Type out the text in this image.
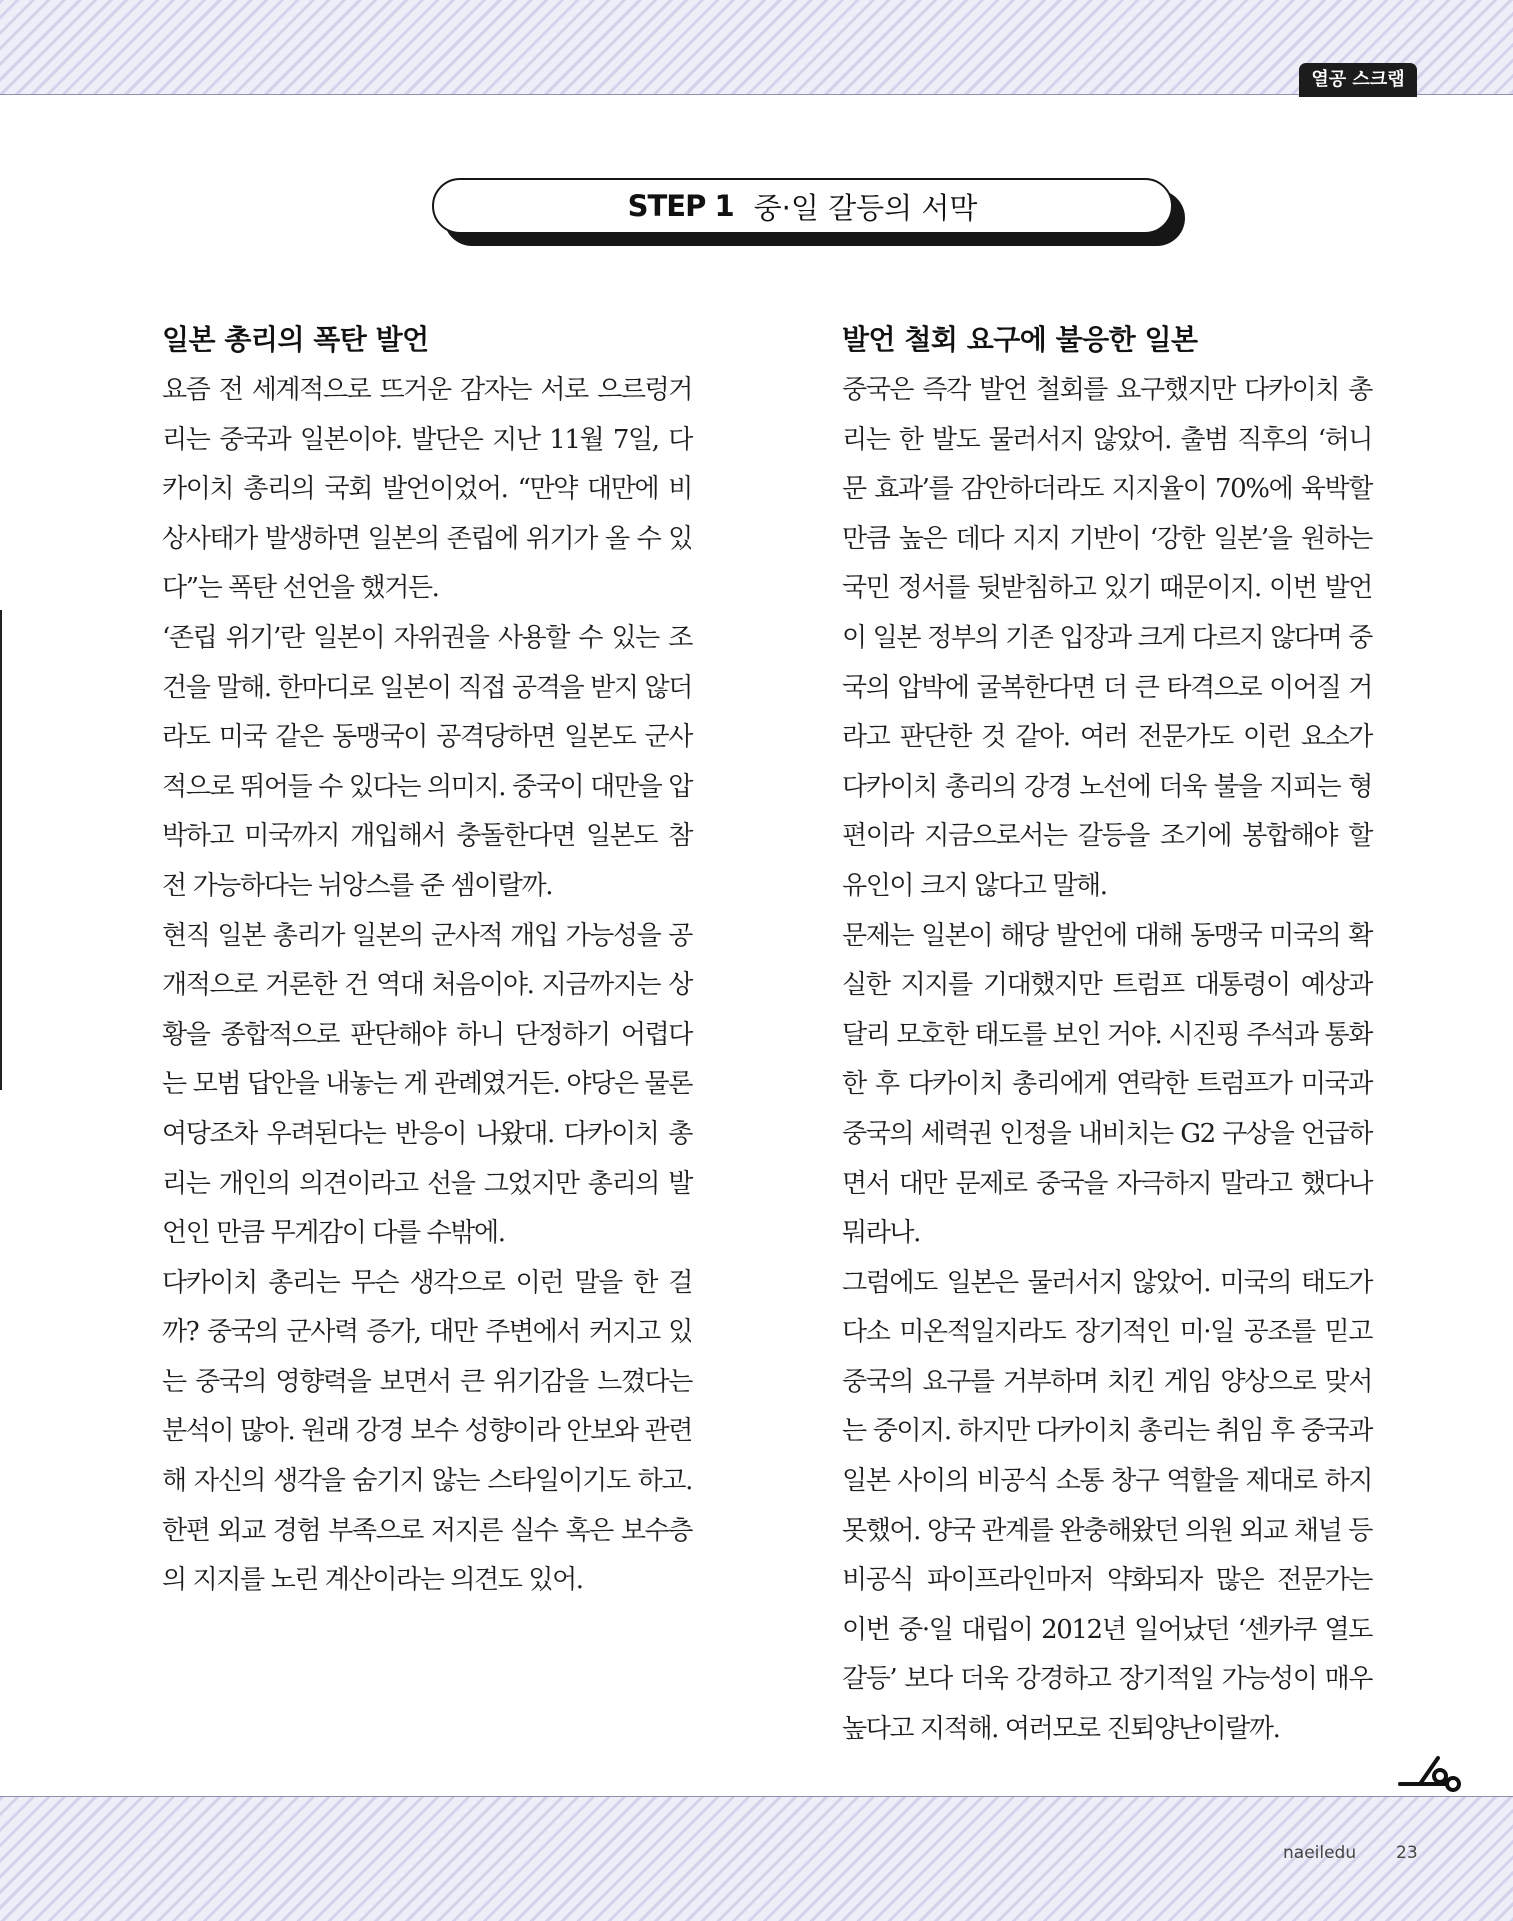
열공 스크랩
STEP 1 중·일 갈등의 서막
일본 총리의 폭탄 발언

요즘 전 세계적으로 뜨거운 감자는 서로 으르렁거리는 중국과 일본이야. 발단은 지난 11월 7일, 다카이치 총리의 국회 발언이었어. “만약 대만에 비상사태가 발생하면 일본의 존립에 위기가 올 수 있다”는 폭탄 선언을 했거든.

‘존립 위기’란 일본이 자위권을 사용할 수 있는 조건을 말해. 한마디로 일본이 직접 공격을 받지 않더라도 미국 같은 동맹국이 공격당하면 일본도 군사적으로 뛰어들 수 있다는 의미지. 중국이 대만을 압박하고 미국까지 개입해서 충돌한다면 일본도 참전 가능하다는 뉘앙스를 준 셈이랄까.

현직 일본 총리가 일본의 군사적 개입 가능성을 공개적으로 거론한 건 역대 처음이야. 지금까지는 상황을 종합적으로 판단해야 하니 단정하기 어렵다는 모범 답안을 내놓는 게 관례였거든. 야당은 물론 여당조차 우려된다는 반응이 나왔대. 다카이치 총리는 개인의 의견이라고 선을 그었지만 총리의 발언인 만큼 무게감이 다를 수밖에.

다카이치 총리는 무슨 생각으로 이런 말을 한 걸까? 중국의 군사력 증가, 대만 주변에서 커지고 있는 중국의 영향력을 보면서 큰 위기감을 느꼈다는 분석이 많아. 원래 강경 보수 성향이라 안보와 관련해 자신의 생각을 숨기지 않는 스타일이기도 하고. 한편 외교 경험 부족으로 저지른 실수 혹은 보수층의 지지를 노린 계산이라는 의견도 있어.

발언 철회 요구에 불응한 일본

중국은 즉각 발언 철회를 요구했지만 다카이치 총리는 한 발도 물러서지 않았어. 출범 직후의 ‘허니문 효과’를 감안하더라도 지지율이 70%에 육박할 만큼 높은 데다 지지 기반이 ‘강한 일본’을 원하는 국민 정서를 뒷받침하고 있기 때문이지. 이번 발언이 일본 정부의 기존 입장과 크게 다르지 않다며 중국의 압박에 굴복한다면 더 큰 타격으로 이어질 거라고 판단한 것 같아. 여러 전문가도 이런 요소가 다카이치 총리의 강경 노선에 더욱 불을 지피는 형편이라 지금으로서는 갈등을 조기에 봉합해야 할 유인이 크지 않다고 말해.

문제는 일본이 해당 발언에 대해 동맹국 미국의 확실한 지지를 기대했지만 트럼프 대통령이 예상과 달리 모호한 태도를 보인 거야. 시진핑 주석과 통화한 후 다카이치 총리에게 연락한 트럼프가 미국과 중국의 세력권 인정을 내비치는 G2 구상을 언급하면서 대만 문제로 중국을 자극하지 말라고 했다나 뭐라나.

그럼에도 일본은 물러서지 않았어. 미국의 태도가 다소 미온적일지라도 장기적인 미·일 공조를 믿고 중국의 요구를 거부하며 치킨 게임 양상으로 맞서는 중이지. 하지만 다카이치 총리는 취임 후 중국과 일본 사이의 비공식 소통 창구 역할을 제대로 하지 못했어. 양국 관계를 완충해왔던 의원 외교 채널 등 비공식 파이프라인마저 약화되자 많은 전문가는 이번 중·일 대립이 2012년 일어났던 ‘센카쿠 열도 갈등’ 보다 더욱 강경하고 장기적일 가능성이 매우 높다고 지적해. 여러모로 진퇴양난이랄까.

naeiledu 23
